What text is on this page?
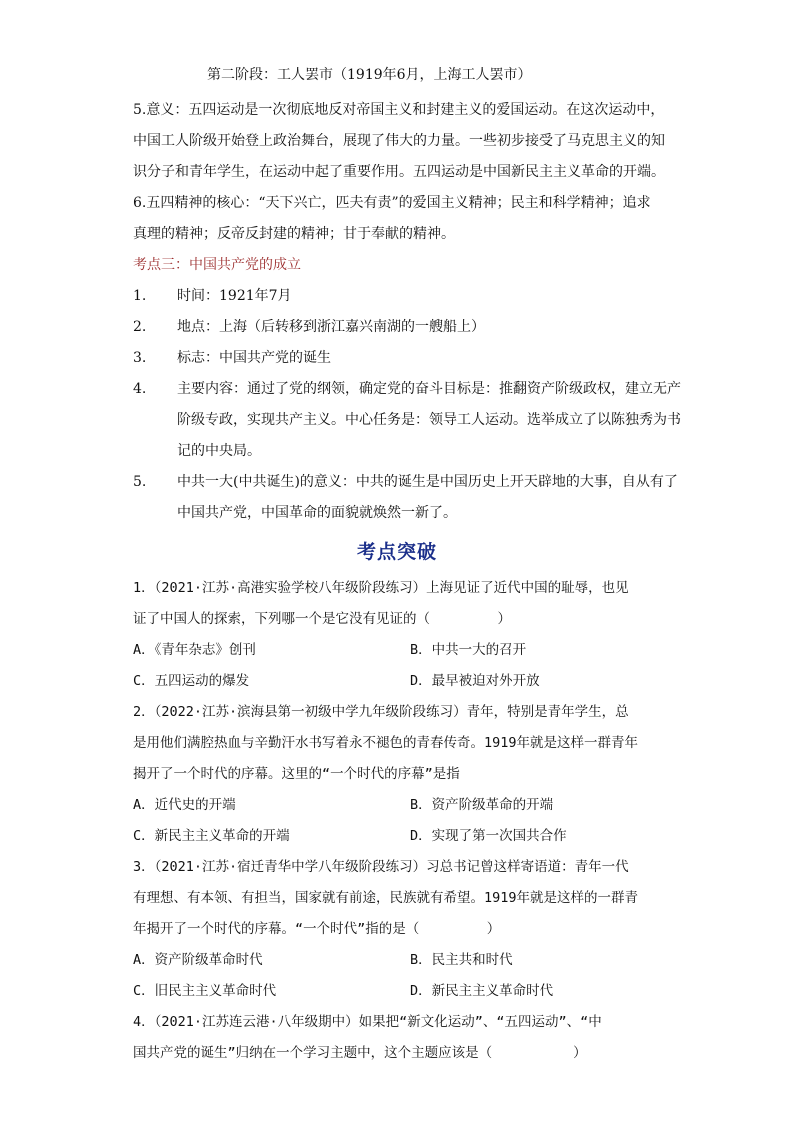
第二阶段：工人罢市（1919年6月，上海工人罢市）
5.意义：五四运动是一次彻底地反对帝国主义和封建主义的爱国运动。在这次运动中，
中国工人阶级开始登上政治舞台，展现了伟大的力量。一些初步接受了马克思主义的知
识分子和青年学生，在运动中起了重要作用。五四运动是中国新民主主义革命的开端。
6.五四精神的核心：“天下兴亡，匹夫有责”的爱国主义精神；民主和科学精神；追求
真理的精神；反帝反封建的精神；甘于奉献的精神。
考点三：中国共产党的成立
1. 时间：1921年7月
2. 地点：上海（后转移到浙江嘉兴南湖的一艘船上）
3. 标志：中国共产党的诞生
4. 主要内容：通过了党的纲领，确定党的奋斗目标是：推翻资产阶级政权，建立无产
阶级专政，实现共产主义。中心任务是：领导工人运动。选举成立了以陈独秀为书
记的中央局。
5. 中共一大(中共诞生)的意义：中共的诞生是中国历史上开天辟地的大事，自从有了
中国共产党，中国革命的面貌就焕然一新了。
考点突破
1．（2021·江苏·高港实验学校八年级阶段练习）上海见证了近代中国的耻辱，也见
证了中国人的探索，下列哪一个是它没有见证的（　　　　　）
A．《青年杂志》创刊	B．中共一大的召开
C．五四运动的爆发	D．最早被迫对外开放
2．（2022·江苏·滨海县第一初级中学九年级阶段练习）青年，特别是青年学生，总
是用他们满腔热血与辛勤汗水书写着永不褪色的青春传奇。1919年就是这样一群青年
揭开了一个时代的序幕。这里的“一个时代的序幕”是指
A．近代史的开端	B．资产阶级革命的开端
C．新民主主义革命的开端	D．实现了第一次国共合作
3．（2021·江苏·宿迁青华中学八年级阶段练习）习总书记曾这样寄语道：青年一代
有理想、有本领、有担当，国家就有前途，民族就有希望。1919年就是这样的一群青
年揭开了一个时代的序幕。“一个时代”指的是（　　　　　）
A．资产阶级革命时代	B．民主共和时代
C．旧民主主义革命时代	D．新民主主义革命时代
4．（2021·江苏连云港·八年级期中）如果把“新文化运动”、“五四运动”、“中
国共产党的诞生”归纳在一个学习主题中，这个主题应该是（　　　　　　）
